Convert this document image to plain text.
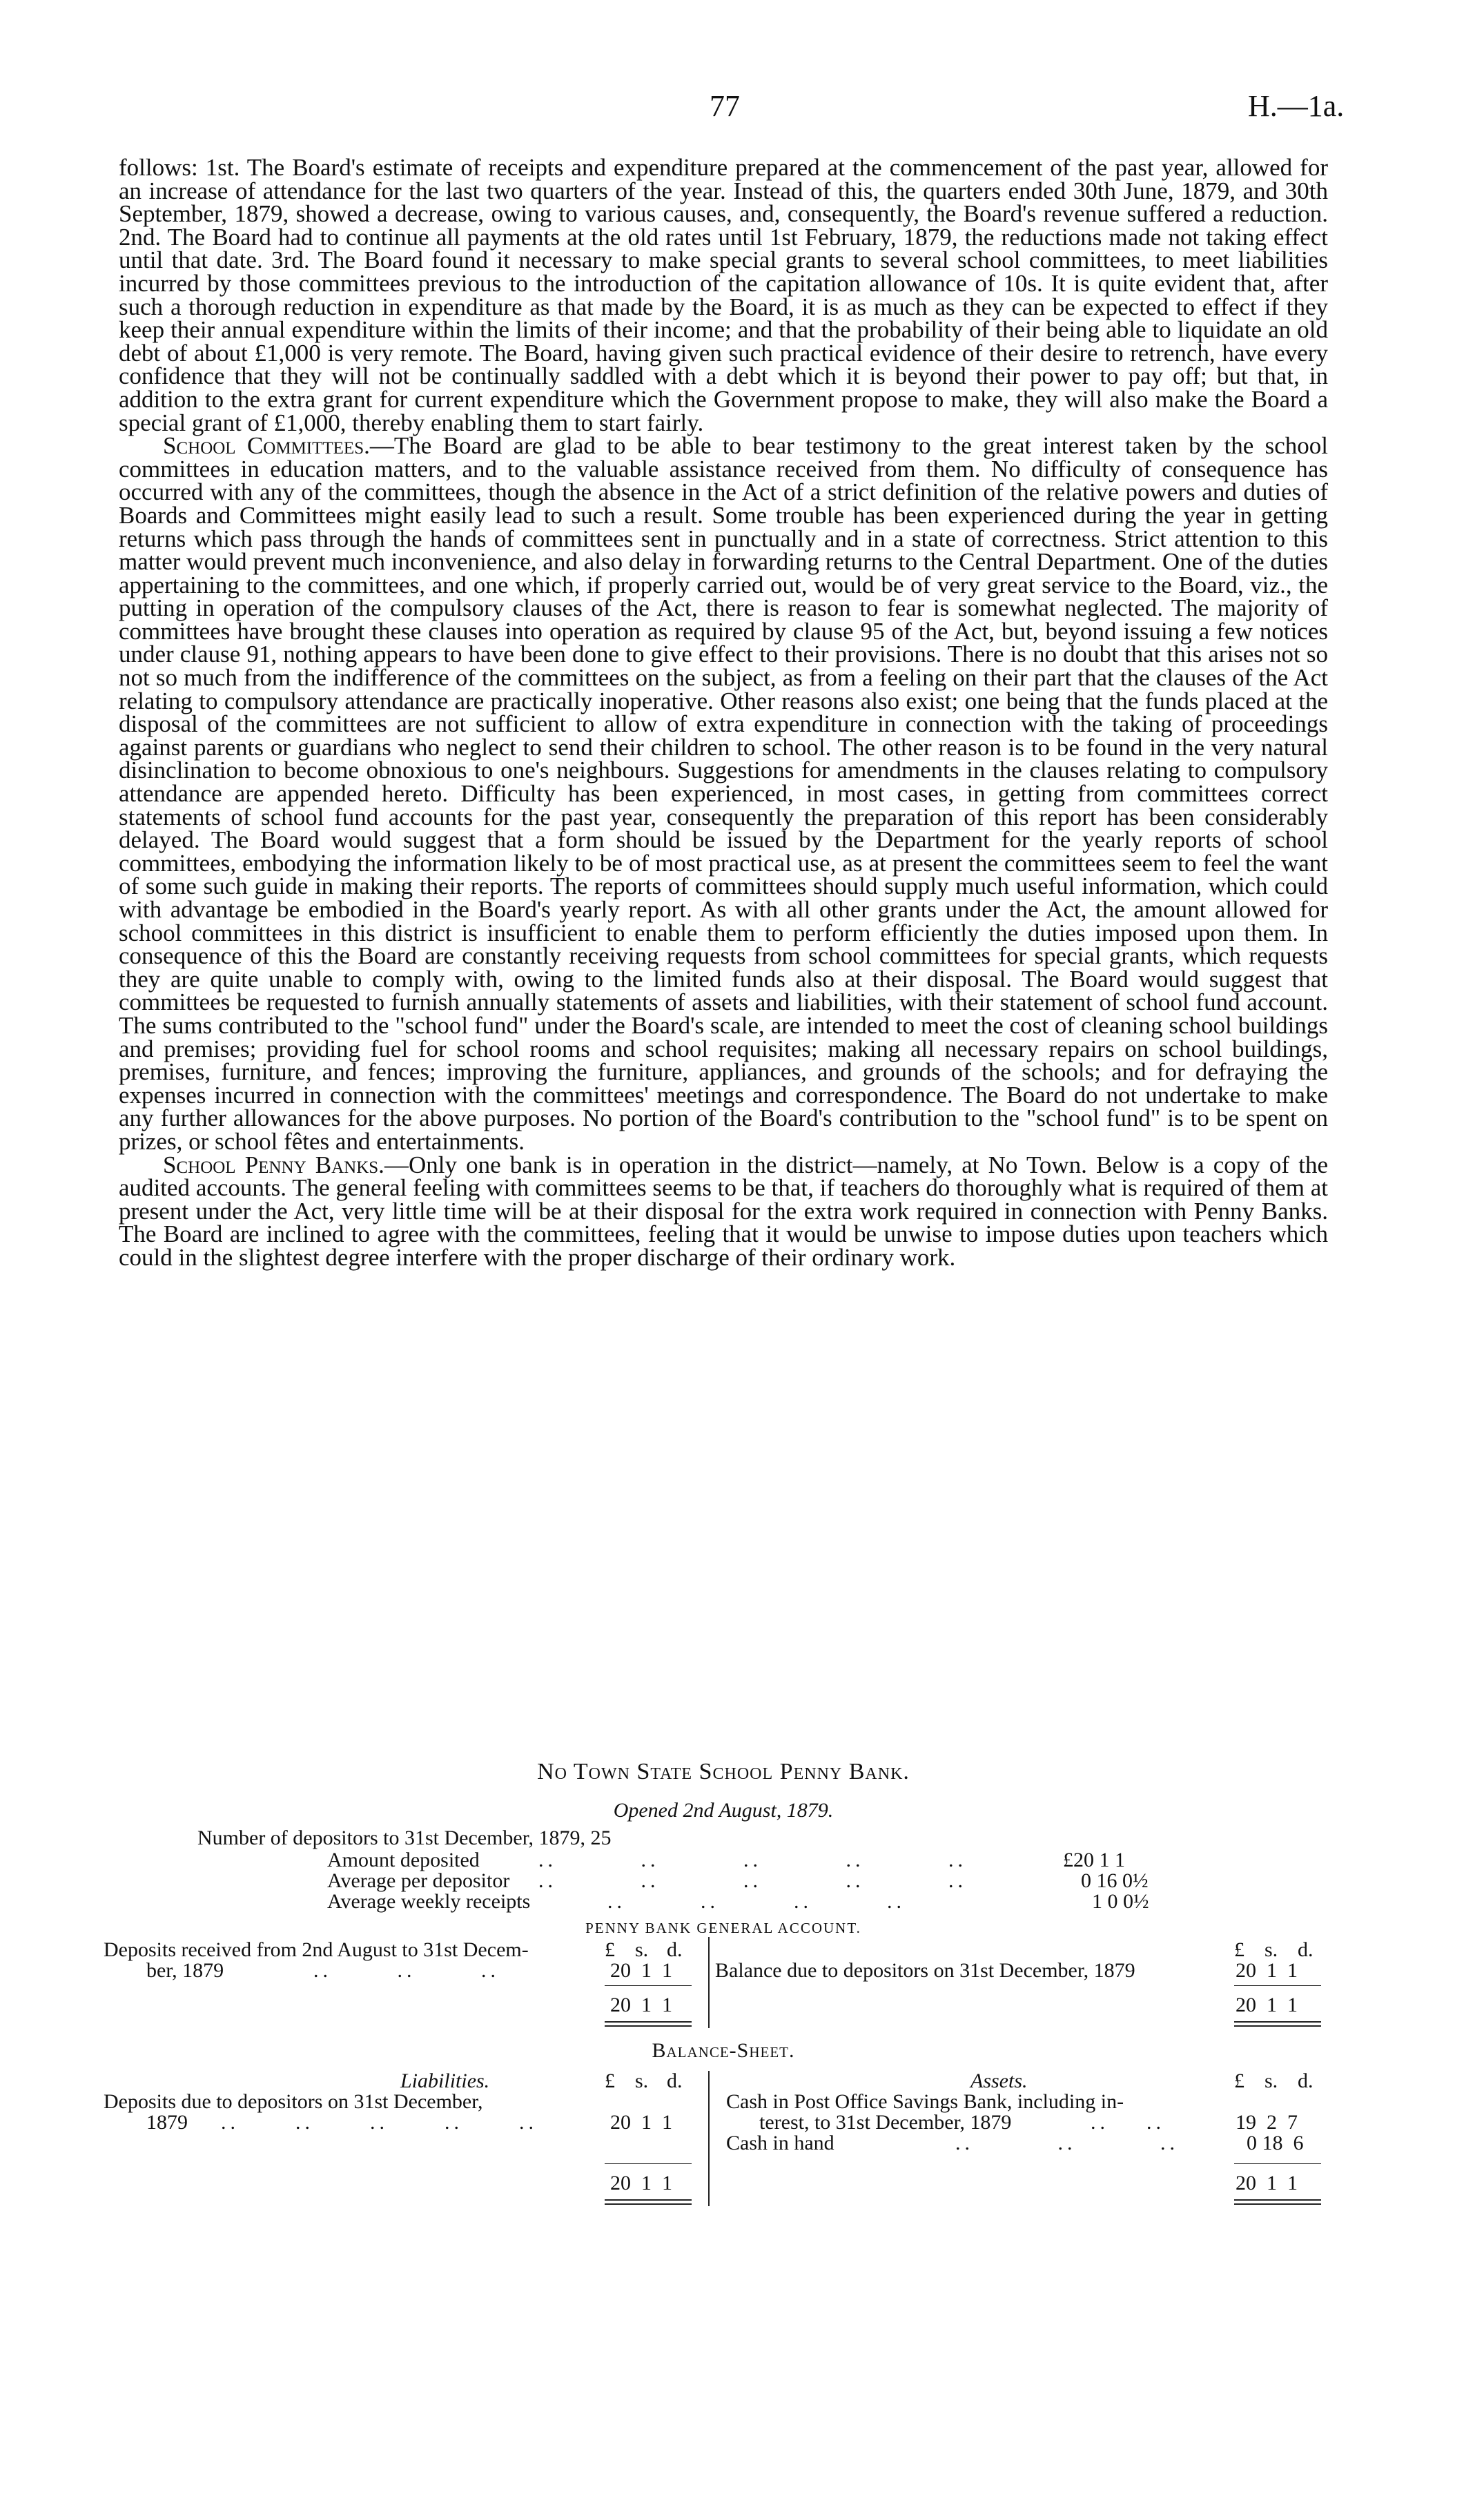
77	H.—1a.

follows: 1st. The Board's estimate of receipts and expenditure prepared at the commencement of the past year, allowed for an increase of attendance for the last two quarters of the year. Instead of this, the quarters ended 30th June, 1879, and 30th September, 1879, showed a decrease, owing to various causes, and, consequently, the Board's revenue suffered a reduction. 2nd. The Board had to continue all payments at the old rates until 1st February, 1879, the reductions made not taking effect until that date. 3rd. The Board found it necessary to make special grants to several school committees, to meet liabilities incurred by those committees previous to the introduction of the capitation allowance of 10s. It is quite evident that, after such a thorough reduction in expenditure as that made by the Board, it is as much as they can be expected to effect if they keep their annual expenditure within the limits of their income; and that the probability of their being able to liquidate an old debt of about £1,000 is very remote. The Board, having given such practical evidence of their desire to retrench, have every confidence that they will not be continually saddled with a debt which it is beyond their power to pay off; but that, in addition to the extra grant for current expenditure which the Government propose to make, they will also make the Board a special grant of £1,000, thereby enabling them to start fairly.

School Committees.—The Board are glad to be able to bear testimony to the great interest taken by the school committees in education matters, and to the valuable assistance received from them. No difficulty of consequence has occurred with any of the committees, though the absence in the Act of a strict definition of the relative powers and duties of Boards and Committees might easily lead to such a result. Some trouble has been experienced during the year in getting returns which pass through the hands of committees sent in punctually and in a state of correctness. Strict attention to this matter would prevent much inconvenience, and also delay in forwarding returns to the Central Department. One of the duties appertaining to the committees, and one which, if properly carried out, would be of very great service to the Board, viz., the putting in operation of the compulsory clauses of the Act, there is reason to fear is somewhat neglected. The majority of committees have brought these clauses into operation as required by clause 95 of the Act, but, beyond issuing a few notices under clause 91, nothing appears to have been done to give effect to their provisions. There is no doubt that this arises not so not so much from the indifference of the committees on the subject, as from a feeling on their part that the clauses of the Act relating to compulsory attendance are practically inoperative. Other reasons also exist; one being that the funds placed at the disposal of the committees are not sufficient to allow of extra expenditure in connection with the taking of proceedings against parents or guardians who neglect to send their children to school. The other reason is to be found in the very natural disinclination to become obnoxious to one's neighbours. Suggestions for amendments in the clauses relating to compulsory attendance are appended hereto. Difficulty has been experienced, in most cases, in getting from committees correct statements of school fund accounts for the past year, consequently the preparation of this report has been considerably delayed. The Board would suggest that a form should be issued by the Department for the yearly reports of school committees, embodying the information likely to be of most practical use, as at present the committees seem to feel the want of some such guide in making their reports. The reports of committees should supply much useful information, which could with advantage be embodied in the Board's yearly report. As with all other grants under the Act, the amount allowed for school committees in this district is insufficient to enable them to perform efficiently the duties imposed upon them. In consequence of this the Board are constantly receiving requests from school committees for special grants, which requests they are quite unable to comply with, owing to the limited funds also at their disposal. The Board would suggest that committees be requested to furnish annually statements of assets and liabilities, with their statement of school fund account. The sums contributed to the "school fund" under the Board's scale, are intended to meet the cost of cleaning school buildings and premises; providing fuel for school rooms and school requisites; making all necessary repairs on school buildings, premises, furniture, and fences; improving the furniture, appliances, and grounds of the schools; and for defraying the expenses incurred in connection with the committees' meetings and correspondence. The Board do not undertake to make any further allowances for the above purposes. No portion of the Board's contribution to the "school fund" is to be spent on prizes, or school fêtes and entertainments.

School Penny Banks.—Only one bank is in operation in the district—namely, at No Town. Below is a copy of the audited accounts. The general feeling with committees seems to be that, if teachers do thoroughly what is required of them at present under the Act, very little time will be at their disposal for the extra work required in connection with Penny Banks. The Board are inclined to agree with the committees, feeling that it would be unwise to impose duties upon teachers which could in the slightest degree interfere with the proper discharge of their ordinary work.

No Town State School Penny Bank.
Opened 2nd August, 1879.
Number of depositors to 31st December, 1879, 25
Amount deposited	..         ..         ..         ..         ..	£20 1 1
Average per depositor ..         ..         ..         ..         ..	0 16 0½
Average weekly receipts	..        ..        ..        ..	1 0 0½
PENNY BANK GENERAL ACCOUNT.
£ s. d.	£ s. d.
Deposits received from 2nd August to 31st Decem-
ber, 1879	..       ..       ..	20  1  1 Balance due to depositors on 31st December, 1879	20  1  1
20  1  1	20  1  1
Balance-Sheet.
Liabilities.	Assets.
£ s. d.	£ s. d.
Deposits due to depositors on 31st December,
1879 ..      ..      ..      ..      ..	20  1  1
Cash in Post Office Savings Bank, including in-
terest, to 31st December, 1879	..    ..	19  2  7
Cash in hand	..         ..         ..	0 18  6
20  1  1	20  1  1
